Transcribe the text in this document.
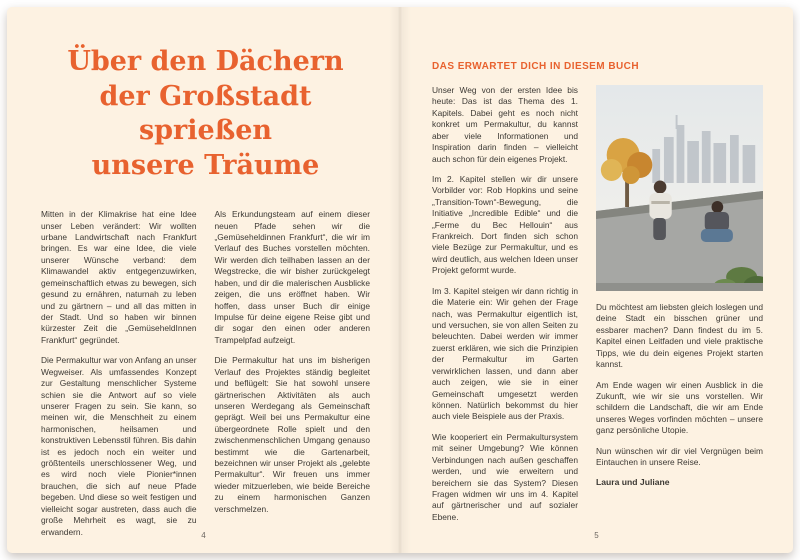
Über den Dächern
der Großstadt sprießen
unsere Träume

Mitten in der Klimakrise hat eine Idee unser Leben verändert: Wir wollten urbane Landwirtschaft nach Frankfurt bringen. Es war eine Idee, die viele unserer Wünsche verband: dem Klimawandel aktiv entgegenzuwirken, gemeinschaftlich etwas zu bewegen, sich gesund zu ernähren, naturnah zu leben und zu gärtnern – und all das mitten in der Stadt. Und so haben wir binnen kürzester Zeit die „GemüseheldInnen Frankfurt“ gegründet.

Die Permakultur war von Anfang an unser Wegweiser. Als umfassendes Konzept zur Gestaltung menschlicher Systeme schien sie die Antwort auf so viele unserer Fragen zu sein. Sie kann, so meinen wir, die Menschheit zu einem harmonischen, heilsamen und konstruktiven Lebensstil führen. Bis dahin ist es jedoch noch ein weiter und größtenteils unerschlossener Weg, und es wird noch viele Pionier*innen brauchen, die sich auf neue Pfade begeben. Und diese so weit festigen und vielleicht sogar austreten, dass auch die große Mehrheit es wagt, sie zu erwandern.

Als Erkundungsteam auf einem dieser neuen Pfade sehen wir die „Gemüseheldinnen Frankfurt“, die wir im Verlauf des Buches vorstellen möchten. Wir werden dich teilhaben lassen an der Wegstrecke, die wir bisher zurückgelegt haben, und dir die malerischen Ausblicke zeigen, die uns eröffnet haben. Wir hoffen, dass unser Buch dir einige Impulse für deine eigene Reise gibt und dir sogar den einen oder anderen Trampelpfad aufzeigt.

Die Permakultur hat uns im bisherigen Verlauf des Projektes ständig begleitet und beflügelt: Sie hat sowohl unsere gärtnerischen Aktivitäten als auch unseren Werdegang als Gemeinschaft geprägt. Weil bei uns Permakultur eine übergeordnete Rolle spielt und den zwischenmenschlichen Umgang genauso bestimmt wie die Gartenarbeit, bezeichnen wir unser Projekt als „gelebte Permakultur“. Wir freuen uns immer wieder mitzuerleben, wie beide Bereiche zu einem harmonischen Ganzen verschmelzen.

4
DAS ERWARTET DICH IN DIESEM BUCH

Unser Weg von der ersten Idee bis heute: Das ist das Thema des 1. Kapitels. Dabei geht es noch nicht konkret um Permakultur, du kannst aber viele Informationen und Inspiration darin finden – vielleicht auch schon für dein eigenes Projekt.

Im 2. Kapitel stellen wir dir unsere Vorbilder vor: Rob Hopkins und seine „Transition-Town“-Bewegung, die Initiative „Incredible Edible“ und die „Ferme du Bec Hellouin“ aus Frankreich. Dort finden sich schon viele Bezüge zur Permakultur, und es wird deutlich, aus welchen Ideen unser Projekt geformt wurde.

Im 3. Kapitel steigen wir dann richtig in die Materie ein: Wir gehen der Frage nach, was Permakultur eigentlich ist, und versuchen, sie von allen Seiten zu beleuchten. Dabei werden wir immer zuerst erklären, wie sich die Prinzipien der Permakultur im Garten verwirklichen lassen, und dann aber auch zeigen, wie sie in einer Gemeinschaft umgesetzt werden können. Natürlich bekommst du hier auch viele Beispiele aus der Praxis.

Wie kooperiert ein Permakultursystem mit seiner Umgebung? Wie können Verbindungen nach außen geschaffen werden, und wie erweitern und bereichern sie das System? Diesen Fragen widmen wir uns im 4. Kapitel auf gärtnerischer und auf sozialer Ebene.

Du möchtest am liebsten gleich loslegen und deine Stadt ein bisschen grüner und essbarer machen? Dann findest du im 5. Kapitel einen Leitfaden und viele praktische Tipps, wie du dein eigenes Projekt starten kannst.

Am Ende wagen wir einen Ausblick in die Zukunft, wie wir sie uns vorstellen. Wir schildern die Landschaft, die wir am Ende unseres Weges vorfinden möchten – unsere ganz persönliche Utopie.

Nun wünschen wir dir viel Vergnügen beim Eintauchen in unsere Reise.

Laura und Juliane
5
